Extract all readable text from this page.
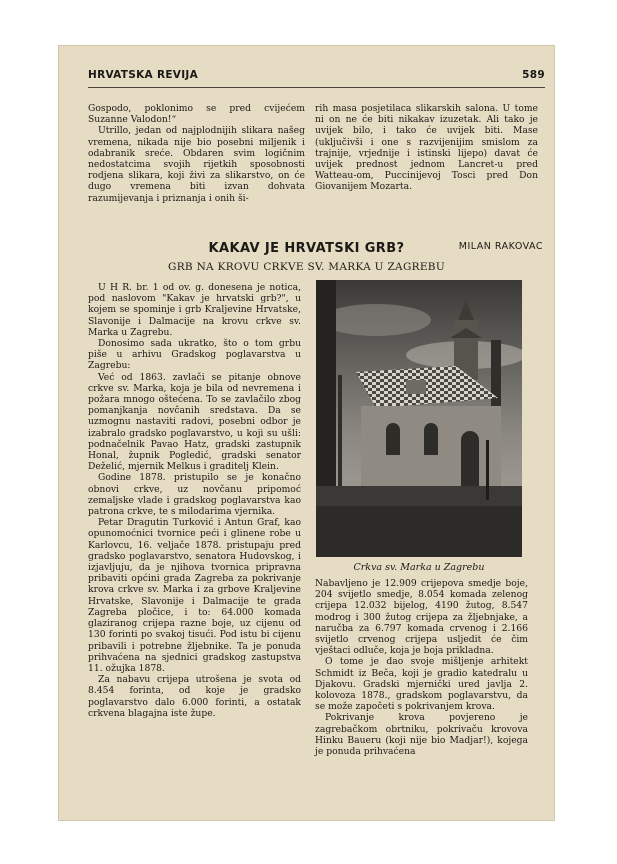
HRVATSKA REVIJA	589

Gospodo, poklonimo se pred cvijećem Suzanne Valodon!“

Utrillo, jedan od najplodnijih slikara našeg vremena, nikada nije bio posebni miljenik i odabranik sreće. Obdaren svim logičnim nedostatcima svojih rijetkih sposobnosti rodjena slikara, koji živi za slikarstvo, on će dugo vremena biti izvan dohvata razumijevanja i priznanja i onih ši-

rih masa posjetilaca slikarskih salona. U tome ni on ne će biti nikakav izuzetak. Ali tako je uvijek bilo, i tako će uvijek biti. Mase (uključivši i one s razvijenijim smislom za trajnije, vrjednije i istinski lijepo) davat će uvijek prednost jednom Lancret-u pred Watteau-om, Puccinijevoj Tosci pred Don Giovanijem Mozarta.

MILAN RAKOVAC
KAKAV JE HRVATSKI GRB?
GRB NA KROVU CRKVE SV. MARKA U ZAGREBU

U H R. br. 1 od ov. g. donesena je notica, pod naslovom "Kakav je hrvatski grb?", u kojem se spominje i grb Kraljevine Hrvatske, Slavonije i Dalmacije na krovu crkve sv. Marka u Zagrebu.

Donosimo sada ukratko, što o tom grbu piše u arhivu Gradskog poglavarstva u Zagrebu:

Već od 1863. zavlači se pitanje obnove crkve sv. Marka, koja je bila od nevremena i požara mnogo oštećena. To se zavlačilo zbog pomanjkanja novčanih sredstava. Da se uzmognu nastaviti radovi, posebni odbor je izabralo gradsko poglavarstvo, u koji su ušli: podnačelnik Pavao Hatz, gradski zastupnik Honal, župnik Pogledić, gradski senator Deželić, mjernik Melkus i graditelj Klein.

Godine 1878. pristupilo se je konačno obnovi crkve, uz novčanu pripomoć zemaljske vlade i gradskog poglavarstva kao patrona crkve, te s milodarima vjernika.

Petar Dragutin Turković i Antun Graf, kao opunomoćnici tvornice peći i glinene robe u Karlovcu, 16. veljače 1878. pristupaju pred gradsko poglavarstvo, senatora Hudovskog, i izjavljuju, da je njihova tvornica pripravna pribaviti općini grada Zagreba za pokrivanje krova crkve sv. Marka i za grbove Kraljevine Hrvatske, Slavonije i Dalmacije te grada Zagreba pločice, i to: 64.000 komada glaziranog crijepa razne boje, uz cijenu od 130 forinti po svakoj tisući. Pod istu bi cijenu pribavili i potrebne žljebnike. Ta je ponuda prihvaćena na sjednici gradskog zastupstva 11. ožujka 1878.

Za nabavu crijepa utrošena je svota od 8.454 forinta, od koje je gradsko poglavarstvo dalo 6.000 forinti, a ostatak crkvena blagajna iste župe.

Crkva sv. Marka u Zagrebu

Nabavljeno je 12.909 crijepova smedje boje, 204 svijetlo smedje, 8.054 komada zelenog crijepa 12.032 bijelog, 4190 žutog, 8.547 modrog i 300 žutog crijepa za žljebnjake, a naručba za 6.797 komada crvenog i 2.166 svijetlo crvenog crijepa usljedit će čim vještaci odluče, koja je boja prikladna.

O tome je dao svoje mišljenje arhitekt Schmidt iz Beča, koji je gradio katedralu u Djakovu. Gradski mjernički ured javlja 2. kolovoza 1878., gradskom poglavarstvu, da se može započeti s pokrivanjem krova.

Pokrivanje krova povjereno je zagrebačkom obrtniku, pokrivaču krovova Hinku Baueru (koji nije bio Madjar!), kojega je ponuda prihvaćena
